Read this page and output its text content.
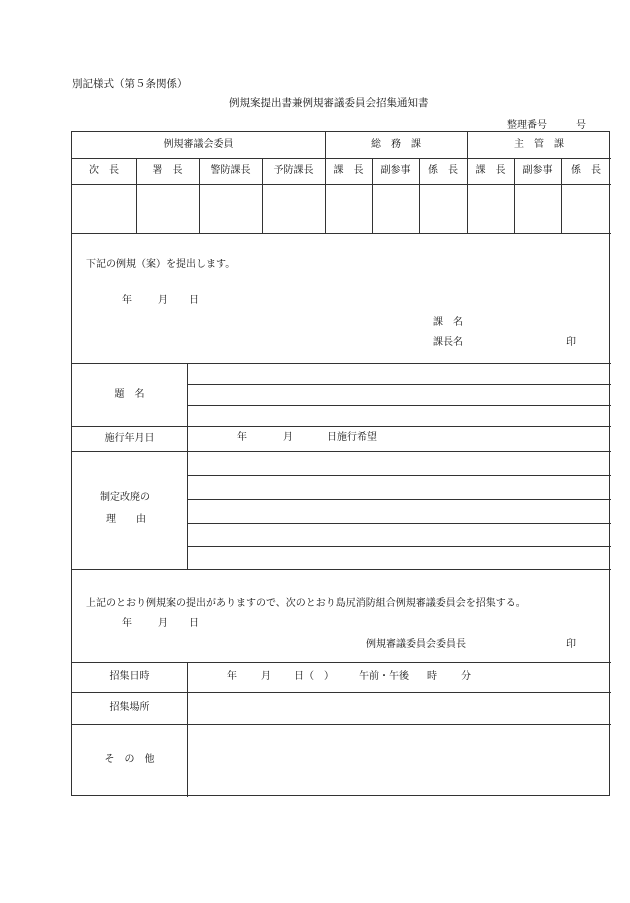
別記様式（第５条関係）
例規案提出書兼例規審議委員会招集通知書
整理番号	号
例規審議会委員	総　務　課	主　管　課
次　長	署　長	警防課長	予防課長	課　長	副参事	係　長	課　長	副参事	係　長
下記の例規（案）を提出します。
年	月 日
課　名
課長名	印
題　名
施行年月日	年	月	日施行希望
制定改廃の
理　　由
上記のとおり例規案の提出がありますので、次のとおり島尻消防組合例規審議委員会を招集する。
年	月 日
例規審議委員会委員長	印
招集日時	年 月 日（　）	午前・午後 時 分
招集場所
そ　の　他
